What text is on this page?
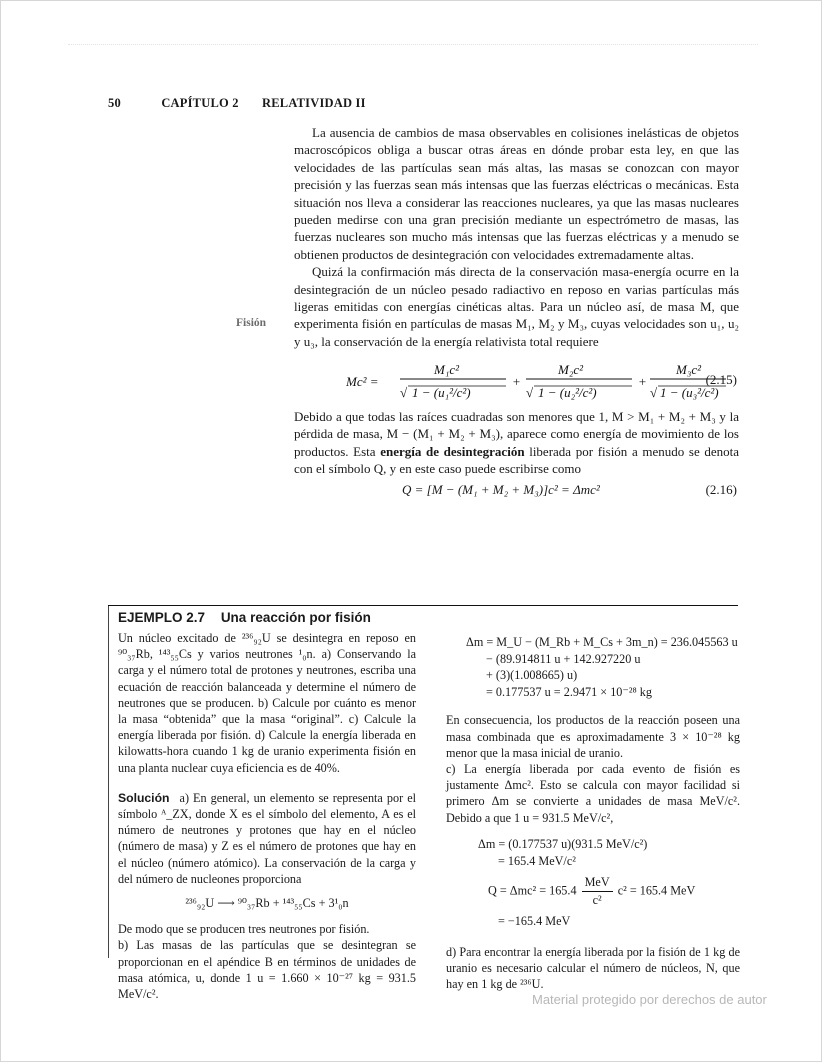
50	CAPÍTULO 2 RELATIVIDAD II
Fisión

La ausencia de cambios de masa observables en colisiones inelásticas de objetos macroscópicos obliga a buscar otras áreas en dónde probar esta ley, en que las velocidades de las partículas sean más altas, las masas se conozcan con mayor precisión y las fuerzas sean más intensas que las fuerzas eléctricas o mecánicas. Esta situación nos lleva a considerar las reacciones nucleares, ya que las masas nucleares pueden medirse con una gran precisión mediante un espectrómetro de masas, las fuerzas nucleares son mucho más intensas que las fuerzas eléctricas y a menudo se obtienen productos de desintegración con velocidades extremadamente altas.

Quizá la confirmación más directa de la conservación masa-energía ocurre en la desintegración de un núcleo pesado radiactivo en reposo en varias partículas más ligeras emitidas con energías cinéticas altas. Para un núcleo así, de masa M, que experimenta fisión en partículas de masas M₁, M₂ y M₃, cuyas velocidades son u₁, u₂ y u₃, la conservación de la energía relativista total requiere

Mc² =
M₁c²
√ 1 − (u₁²/c²)
+
M₂c²
√ 1 − (u₂²/c²)
+
M₃c²
√ 1 − (u₃²/c²)
(2.15)

Debido a que todas las raíces cuadradas son menores que 1, M > M₁ + M₂ + M₃ y la pérdida de masa, M − (M₁ + M₂ + M₃), aparece como energía de movimiento de los productos. Esta energía de desintegración liberada por fisión a menudo se denota con el símbolo Q, y en este caso puede escribirse como

Q = [M − (M₁ + M₂ + M₃)]c² = Δmc²	(2.16)
EJEMPLO 2.7 Una reacción por fisión

Un núcleo excitado de ²³⁶₉₂U se desintegra en reposo en ⁹⁰₃₇Rb, ¹⁴³₅₅Cs y varios neutrones ¹₀n. a) Conservando la carga y el número total de protones y neutrones, escriba una ecuación de reacción balanceada y determine el número de neutrones que se producen. b) Calcule por cuánto es menor la masa “obtenida” que la masa “original”. c) Calcule la energía liberada por fisión. d) Calcule la energía liberada en kilowatts-hora cuando 1 kg de uranio experimenta fisión en una planta nuclear cuya eficiencia es de 40%.

Solución a) En general, un elemento se representa por el símbolo ᴬ_ZX, donde X es el símbolo del elemento, A es el número de neutrones y protones que hay en el núcleo (número de masa) y Z es el número de protones que hay en el núcleo (número atómico). La conservación de la carga y del número de nucleones proporciona

²³⁶₉₂U ⟶ ⁹⁰₃₇Rb + ¹⁴³₅₅Cs + 3¹₀n

De modo que se producen tres neutrones por fisión.

b) Las masas de las partículas que se desintegran se proporcionan en el apéndice B en términos de unidades de masa atómica, u, donde 1 u = 1.660 × 10⁻²⁷ kg = 931.5 MeV/c².

Δm = M_U − (M_Rb + M_Cs + 3m_n) = 236.045563 u
− (89.914811 u + 142.927220 u
+ (3)(1.008665) u)
= 0.177537 u = 2.9471 × 10⁻²⁸ kg

En consecuencia, los productos de la reacción poseen una masa combinada que es aproximadamente 3 × 10⁻²⁸ kg menor que la masa inicial de uranio.

c) La energía liberada por cada evento de fisión es justamente Δmc². Esto se calcula con mayor facilidad si primero Δm se convierte a unidades de masa MeV/c². Debido a que 1 u = 931.5 MeV/c²,

Δm = (0.177537 u)(931.5 MeV/c²)
= 165.4 MeV/c²
$Q = \Delta mc^2 = 165.4 \frac{\text{MeV}}{\text{c²}} c^2 = 165.4$ MeV
= −165.4 MeV

d) Para encontrar la energía liberada por la fisión de 1 kg de uranio es necesario calcular el número de núcleos, N, que hay en 1 kg de ²³⁶U.

Material protegido por derechos de autor
